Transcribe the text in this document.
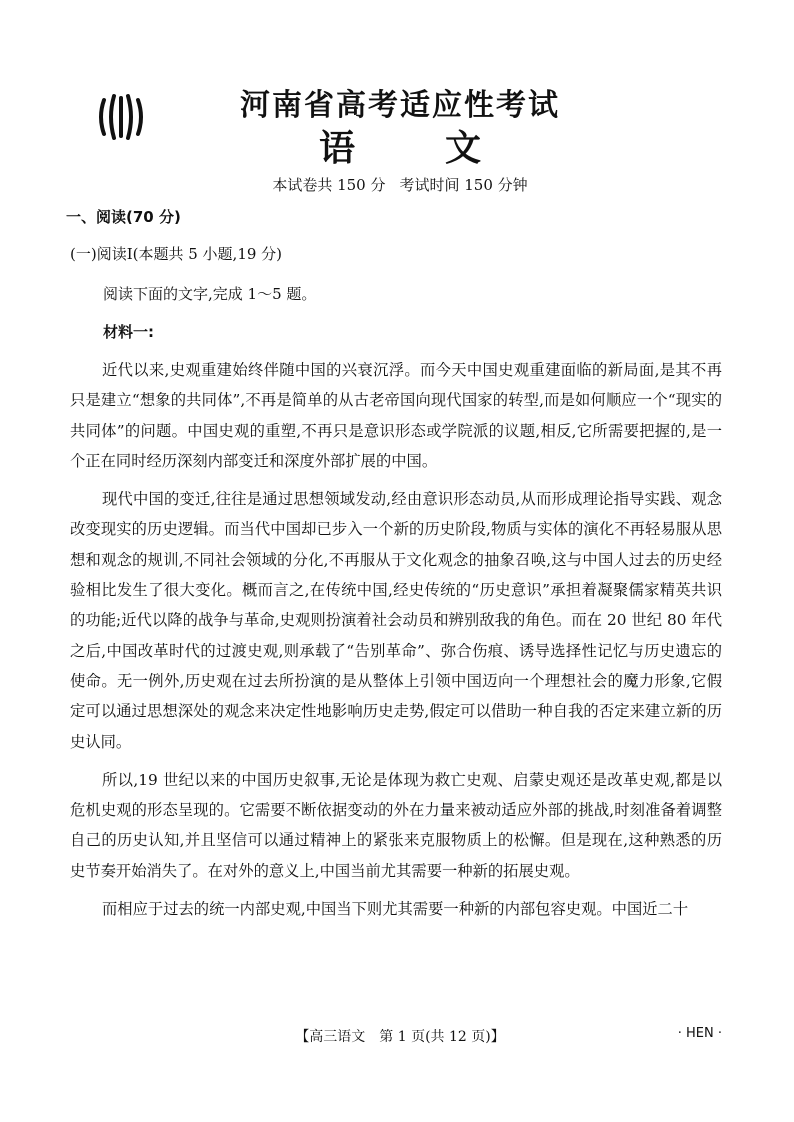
河南省高考适应性考试
语	文
本试卷共 150 分 考试时间 150 分钟
一、阅读(70 分)
(一)阅读Ⅰ(本题共 5 小题,19 分)
阅读下面的文字,完成 1～5 题。
材料一:

近代以来,史观重建始终伴随中国的兴衰沉浮。而今天中国史观重建面临的新局面,是其不再只是建立“想象的共同体”,不再是简单的从古老帝国向现代国家的转型,而是如何顺应一个“现实的共同体”的问题。中国史观的重塑,不再只是意识形态或学院派的议题,相反,它所需要把握的,是一个正在同时经历深刻内部变迁和深度外部扩展的中国。

现代中国的变迁,往往是通过思想领域发动,经由意识形态动员,从而形成理论指导实践、观念改变现实的历史逻辑。而当代中国却已步入一个新的历史阶段,物质与实体的演化不再轻易服从思想和观念的规训,不同社会领域的分化,不再服从于文化观念的抽象召唤,这与中国人过去的历史经验相比发生了很大变化。概而言之,在传统中国,经史传统的“历史意识”承担着凝聚儒家精英共识的功能;近代以降的战争与革命,史观则扮演着社会动员和辨别敌我的角色。而在 20 世纪 80 年代之后,中国改革时代的过渡史观,则承载了“告别革命”、弥合伤痕、诱导选择性记忆与历史遗忘的使命。无一例外,历史观在过去所扮演的是从整体上引领中国迈向一个理想社会的魔力形象,它假定可以通过思想深处的观念来决定性地影响历史走势,假定可以借助一种自我的否定来建立新的历史认同。

所以,19 世纪以来的中国历史叙事,无论是体现为救亡史观、启蒙史观还是改革史观,都是以危机史观的形态呈现的。它需要不断依据变动的外在力量来被动适应外部的挑战,时刻准备着调整自己的历史认知,并且坚信可以通过精神上的紧张来克服物质上的松懈。但是现在,这种熟悉的历史节奏开始消失了。在对外的意义上,中国当前尤其需要一种新的拓展史观。

而相应于过去的统一内部史观,中国当下则尤其需要一种新的内部包容史观。中国近二十

【高三语文　第 1 页(共 12 页)】	· HEN ·
